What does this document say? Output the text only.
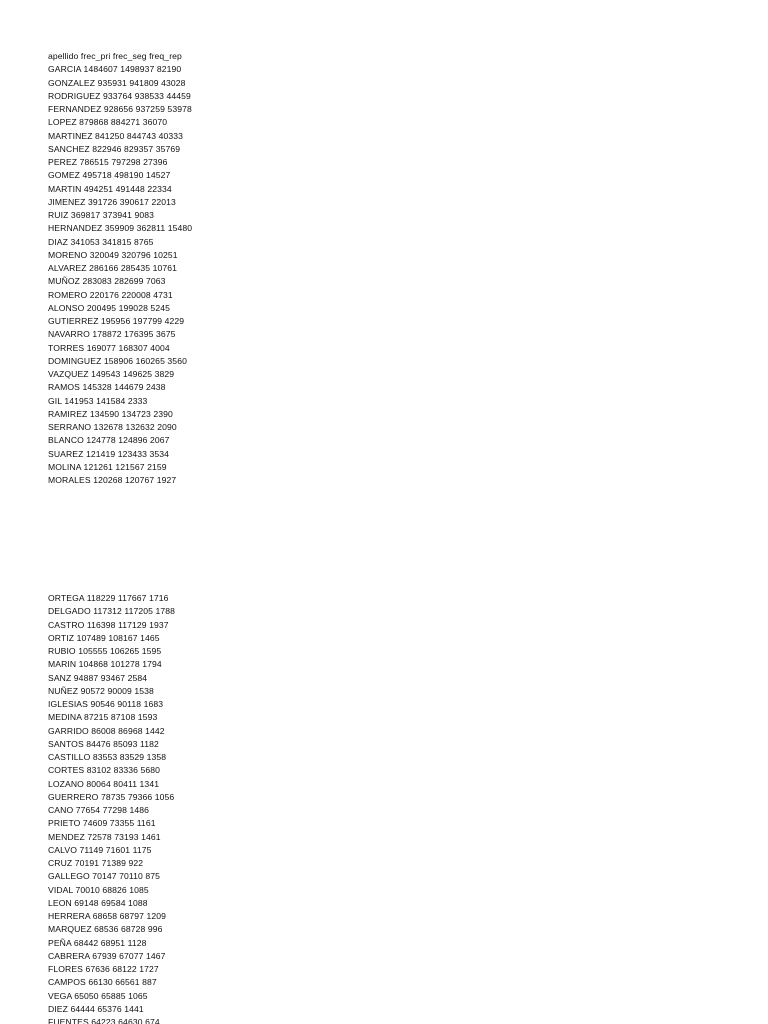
apellido frec_pri frec_seg freq_rep
GARCIA 1484607 1498937 82190
GONZALEZ 935931 941809 43028
RODRIGUEZ 933764 938533 44459
FERNANDEZ 928656 937259 53978
LOPEZ 879868 884271 36070
MARTINEZ 841250 844743 40333
SANCHEZ 822946 829357 35769
PEREZ 786515 797298 27396
GOMEZ 495718 498190 14527
MARTIN 494251 491448 22334
JIMENEZ 391726 390617 22013
RUIZ 369817 373941 9083
HERNANDEZ 359909 362811 15480
DIAZ 341053 341815 8765
MORENO 320049 320796 10251
ALVAREZ 286166 285435 10761
MUÑOZ 283083 282699 7063
ROMERO 220176 220008 4731
ALONSO 200495 199028 5245
GUTIERREZ 195956 197799 4229
NAVARRO 178872 176395 3675
TORRES 169077 168307 4004
DOMINGUEZ 158906 160265 3560
VAZQUEZ 149543 149625 3829
RAMOS 145328 144679 2438
GIL 141953 141584 2333
RAMIREZ 134590 134723 2390
SERRANO 132678 132632 2090
BLANCO 124778 124896 2067
SUAREZ 121419 123433 3534
MOLINA 121261 121567 2159
MORALES 120268 120767 1927
ORTEGA 118229 117667 1716
DELGADO 117312 117205 1788
CASTRO 116398 117129 1937
ORTIZ 107489 108167 1465
RUBIO 105555 106265 1595
MARIN 104868 101278 1794
SANZ 94887 93467 2584
NUÑEZ 90572 90009 1538
IGLESIAS 90546 90118 1683
MEDINA 87215 87108 1593
GARRIDO 86008 86968 1442
SANTOS 84476 85093 1182
CASTILLO 83553 83529 1358
CORTES 83102 83336 5680
LOZANO 80064 80411 1341
GUERRERO 78735 79366 1056
CANO 77654 77298 1486
PRIETO 74609 73355 1161
MENDEZ 72578 73193 1461
CALVO 71149 71601 1175
CRUZ 70191 71389 922
GALLEGO 70147 70110 875
VIDAL 70010 68826 1085
LEON 69148 69584 1088
HERRERA 68658 68797 1209
MARQUEZ 68536 68728 996
PEÑA 68442 68951 1128
CABRERA 67939 67077 1467
FLORES 67636 68122 1727
CAMPOS 66130 66561 887
VEGA 65050 65885 1065
DIEZ 64444 65376 1441
FUENTES 64223 64630 674
